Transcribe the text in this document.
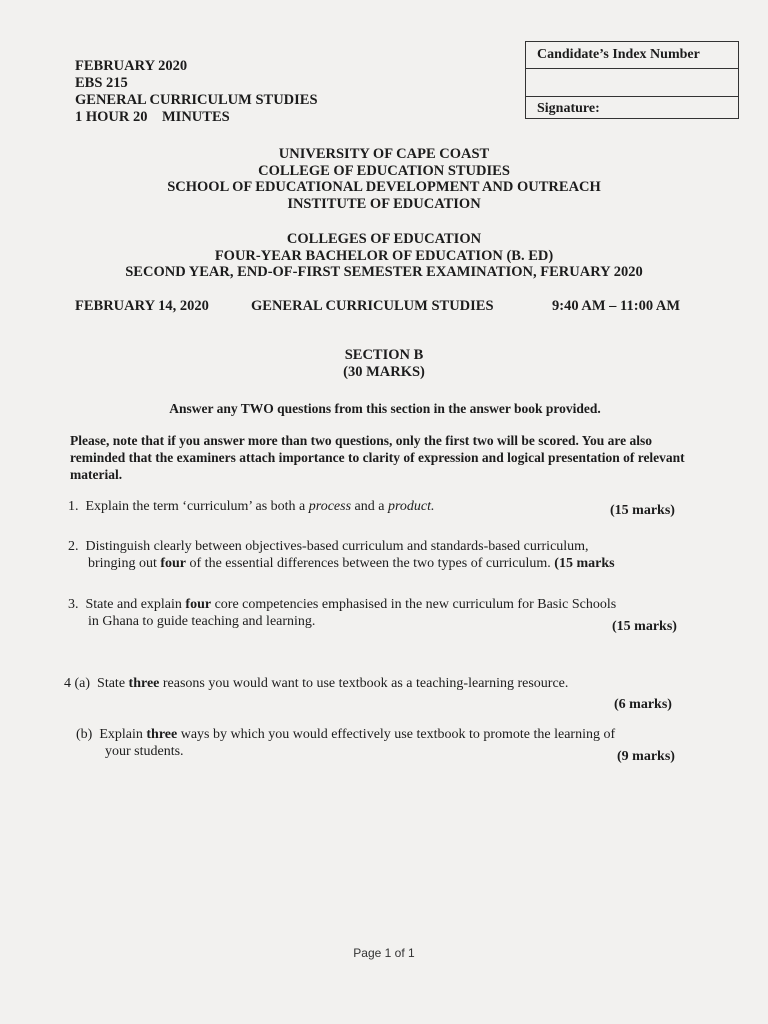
FEBRUARY 2020
EBS 215
GENERAL CURRICULUM STUDIES
1 HOUR 20    MINUTES
Candidate’s Index Number
Signature:
UNIVERSITY OF CAPE COAST
COLLEGE OF EDUCATION STUDIES
SCHOOL OF EDUCATIONAL DEVELOPMENT AND OUTREACH
INSTITUTE OF EDUCATION
COLLEGES OF EDUCATION
FOUR-YEAR BACHELOR OF EDUCATION (B. ED)
SECOND YEAR, END-OF-FIRST SEMESTER EXAMINATION, FERUARY 2020
FEBRUARY 14, 2020	GENERAL CURRICULUM STUDIES	9:40 AM – 11:00 AM
SECTION B
(30 MARKS)
Answer any TWO questions from this section in the answer book provided.
Please, note that if you answer more than two questions, only the first two will be scored. You are also reminded that the examiners attach importance to clarity of expression and logical presentation of relevant material.
1. Explain the term ‘curriculum’ as both a process and a product.	(15 marks)
2. Distinguish clearly between objectives-based curriculum and standards-based curriculum,
bringing out four of the essential differences between the two types of curriculum. (15 marks
3. State and explain four core competencies emphasised in the new curriculum for Basic Schools
in Ghana to guide teaching and learning.	(15 marks)
4 (a) State three reasons you would want to use textbook as a teaching-learning resource.
(6 marks)
(b) Explain three ways by which you would effectively use textbook to promote the learning of
your students.	(9 marks)
Page 1 of 1
